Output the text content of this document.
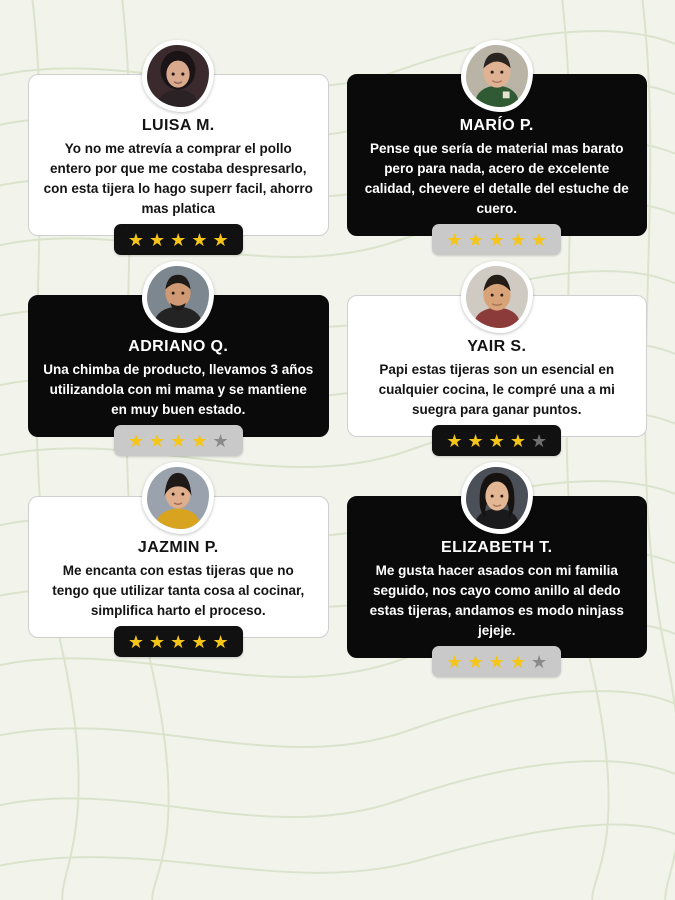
LUISA M.

Yo no me atrevía a comprar el pollo entero por que me costaba despresarlo, con esta tijera lo hago superr facil, ahorro mas platica

★ ★ ★ ★ ★
MARÍO P.

Pense que sería de material mas barato pero para nada, acero de excelente calidad, chevere el detalle del estuche de cuero.

★ ★ ★ ★ ★
ADRIANO Q.

Una chimba de producto, llevamos 3 años utilizandola con mi mama y se mantiene en muy buen estado.

★ ★ ★ ★ ★
YAIR S.

Papi estas tijeras son un esencial en cualquier cocina, le compré una a mi suegra para ganar puntos.

★ ★ ★ ★ ★
JAZMIN P.

Me encanta con estas tijeras que no tengo que utilizar tanta cosa al cocinar, simplifica harto el proceso.

★ ★ ★ ★ ★
ELIZABETH T.

Me gusta hacer asados con mi familia seguido, nos cayo como anillo al dedo estas tijeras, andamos es modo ninjass jejeje.

★ ★ ★ ★ ★
